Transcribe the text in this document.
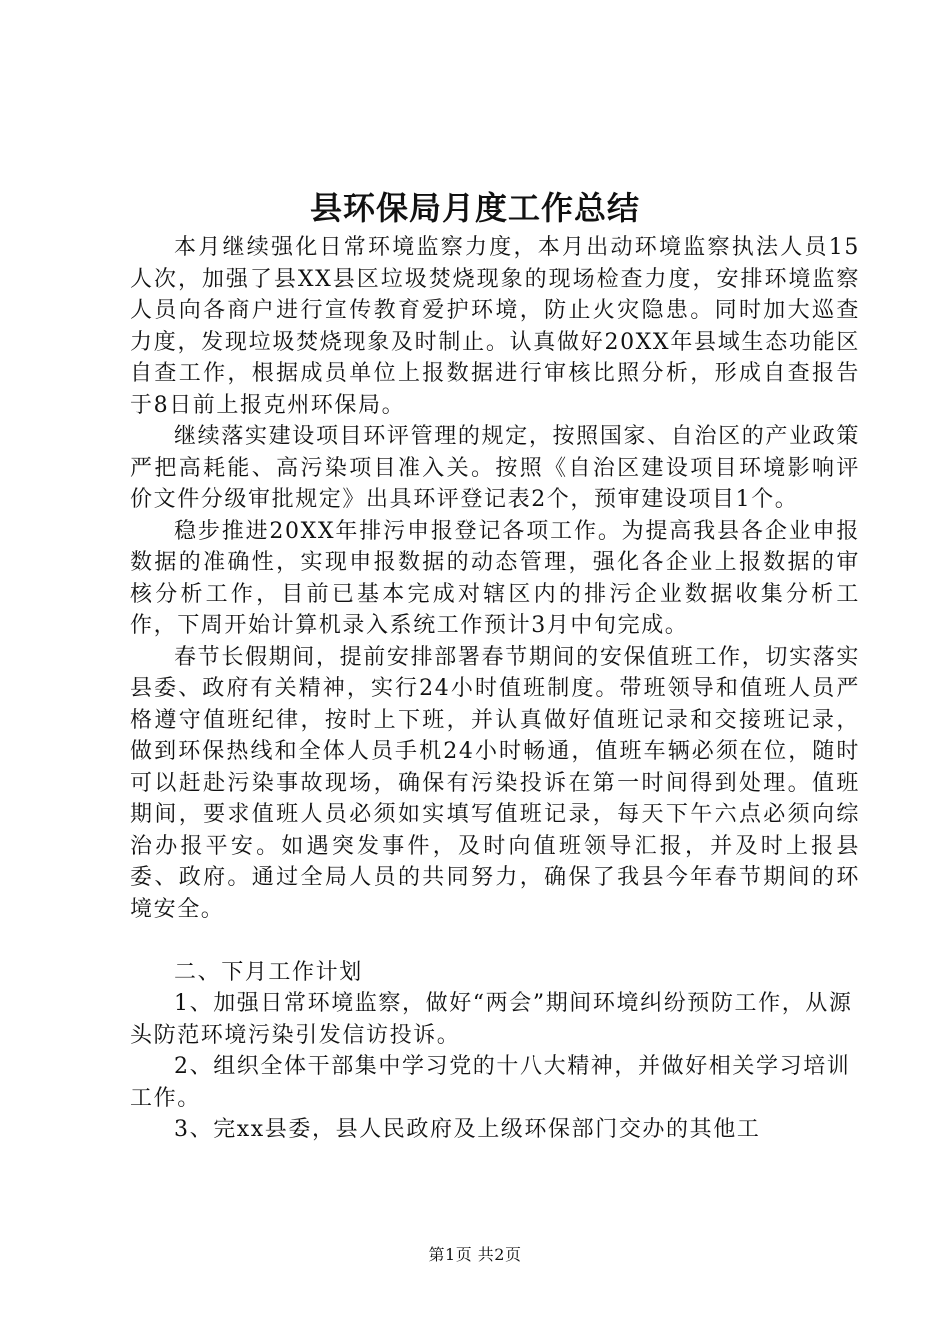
县环保局月度工作总结

本月继续强化日常环境监察力度，本月出动环境监察执法人员15人次，加强了县XX县区垃圾焚烧现象的现场检查力度，安排环境监察人员向各商户进行宣传教育爱护环境，防止火灾隐患。同时加大巡查力度，发现垃圾焚烧现象及时制止。认真做好20XX年县域生态功能区自查工作，根据成员单位上报数据进行审核比照分析，形成自查报告于8日前上报克州环保局。

继续落实建设项目环评管理的规定，按照国家、自治区的产业政策严把高耗能、高污染项目准入关。按照《自治区建设项目环境影响评价文件分级审批规定》出具环评登记表2个，预审建设项目1个。

稳步推进20XX年排污申报登记各项工作。为提高我县各企业申报数据的准确性，实现申报数据的动态管理，强化各企业上报数据的审核分析工作，目前已基本完成对辖区内的排污企业数据收集分析工作，下周开始计算机录入系统工作预计3月中旬完成。

春节长假期间，提前安排部署春节期间的安保值班工作，切实落实县委、政府有关精神，实行24小时值班制度。带班领导和值班人员严格遵守值班纪律，按时上下班，并认真做好值班记录和交接班记录，做到环保热线和全体人员手机24小时畅通，值班车辆必须在位，随时可以赶赴污染事故现场，确保有污染投诉在第一时间得到处理。值班期间，要求值班人员必须如实填写值班记录，每天下午六点必须向综治办报平安。如遇突发事件，及时向值班领导汇报，并及时上报县委、政府。通过全局人员的共同努力，确保了我县今年春节期间的环境安全。

二、下月工作计划

1、加强日常环境监察，做好“两会”期间环境纠纷预防工作，从源头防范环境污染引发信访投诉。

2、组织全体干部集中学习党的十八大精神，并做好相关学习培训工作。

3、完xx县委，县人民政府及上级环保部门交办的其他工

第1页 共2页
